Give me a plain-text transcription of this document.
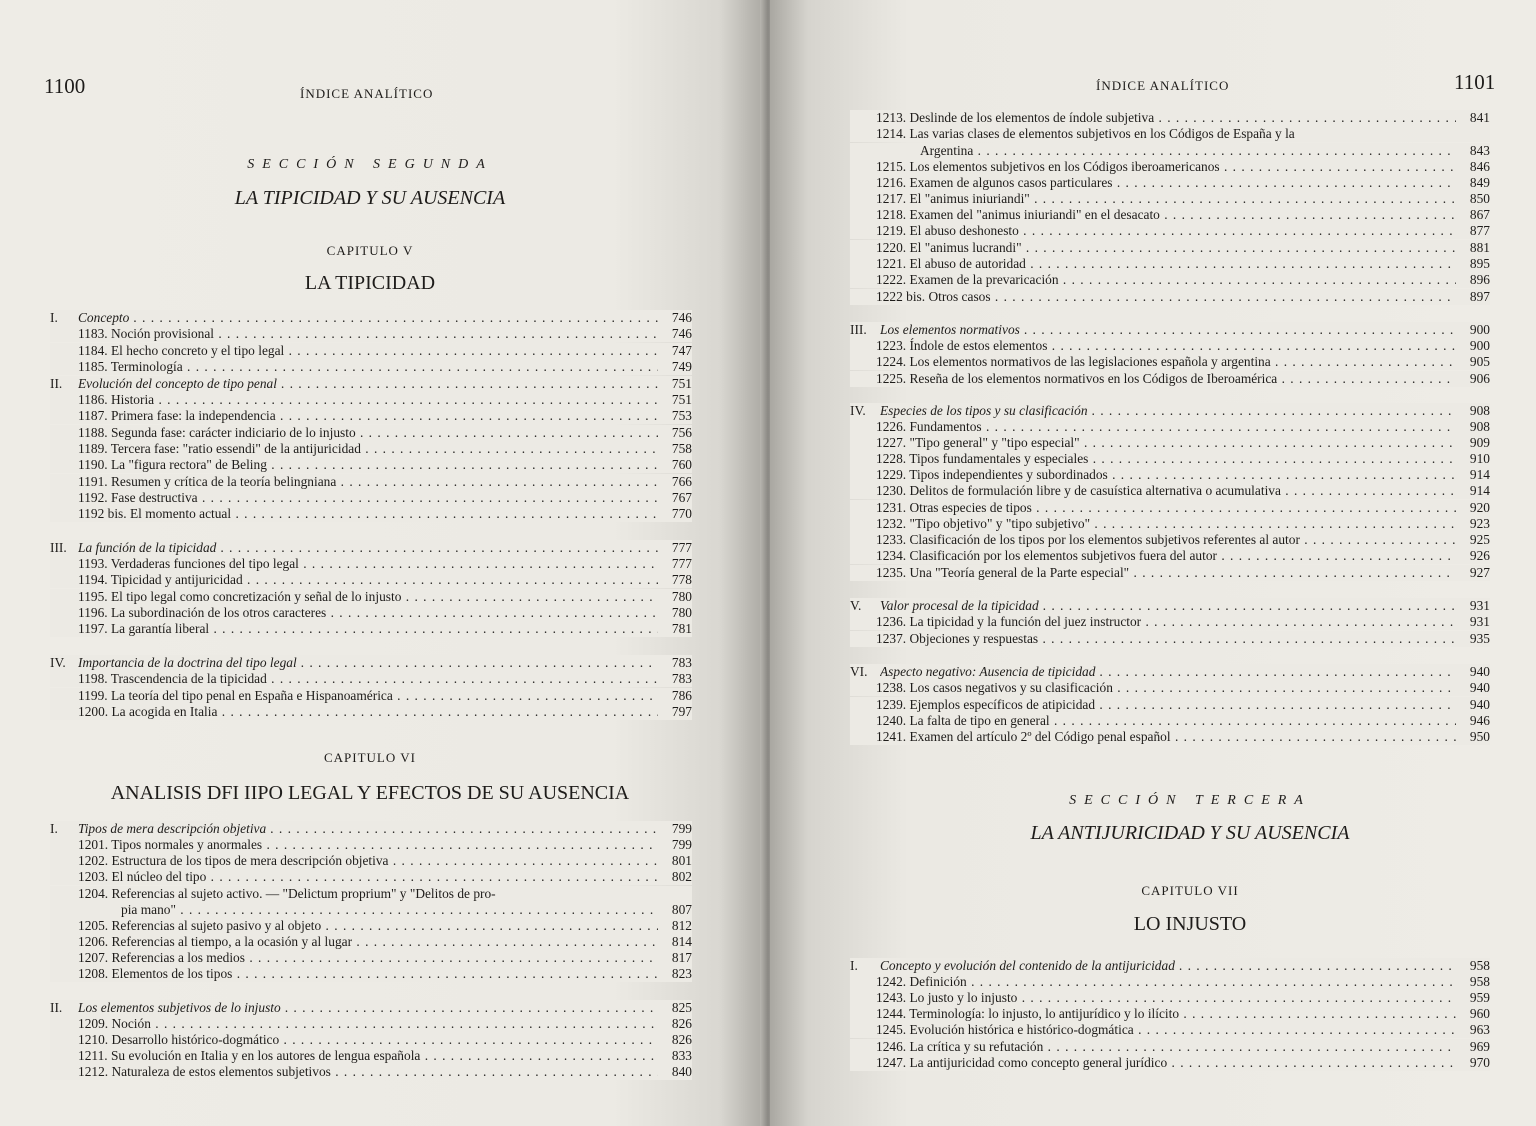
1100	ÍNDICE ANALÍTICO
SECCIÓN SEGUNDA
LA TIPICIDAD Y SU AUSENCIA
CAPITULO V
LA TIPICIDAD
CAPITULO VI
ANALISIS DFI IIPO LEGAL Y EFECTOS DE SU AUSENCIA
I.	Concepto . . .	746
1183. Noción provisional . . .	746
1184. El hecho concreto y el tipo legal . . .	747
1185. Terminología . . .	749
II.	Evolución del concepto de tipo penal . . .	751
1186. Historia . . .	751
1187. Primera fase: la independencia . . .	753
1188. Segunda fase: carácter indiciario de lo injusto . . .	756
1189. Tercera fase: "ratio essendi" de la antijuricidad . . .	758
1190. La "figura rectora" de Beling . . .	760
1191. Resumen y crítica de la teoría belingniana . . .	766
1192. Fase destructiva . . .	767
1192 bis. El momento actual . . .	770
III. La función de la tipicidad . . .	777
1193. Verdaderas funciones del tipo legal . . .	777
1194. Tipicidad y antijuricidad . . .	778
1195. El tipo legal como concretización y señal de lo injusto . . .	780
1196. La subordinación de los otros caracteres . . .	780
1197. La garantía liberal . . .	781
IV. Importancia de la doctrina del tipo legal . . .	783
1198. Trascendencia de la tipicidad . . .	783
1199. La teoría del tipo penal en España e Hispanoamérica . . .	786
1200. La acogida en Italia . . .	797
I.	Tipos de mera descripción objetiva . . .	799
1201. Tipos normales y anormales . . .	799
1202. Estructura de los tipos de mera descripción objetiva . . .	801
1203. El núcleo del tipo . . .	802
1204. Referencias al sujeto activo. — "Delictum proprium" y "Delitos de pro-
pia mano" . . .	807
1205. Referencias al sujeto pasivo y al objeto . . .	812
1206. Referencias al tiempo, a la ocasión y al lugar . . .	814
1207. Referencias a los medios . . .	817
1208. Elementos de los tipos . . .	823
II.	Los elementos subjetivos de lo injusto . . .	825
1209. Noción . . .	826
1210. Desarrollo histórico-dogmático . . .	826
1211. Su evolución en Italia y en los autores de lengua española . . .	833
1212. Naturaleza de estos elementos subjetivos . . .	840
ÍNDICE ANALÍTICO	1101
SECCIÓN TERCERA
LA ANTIJURICIDAD Y SU AUSENCIA
CAPITULO VII
LO INJUSTO
1213. Deslinde de los elementos de índole subjetiva . . .	841
1214. Las varias clases de elementos subjetivos en los Códigos de España y la
Argentina . . .	843
1215. Los elementos subjetivos en los Códigos iberoamericanos . . .	846
1216. Examen de algunos casos particulares . . .	849
1217. El "animus iniuriandi" . . .	850
1218. Examen del "animus iniuriandi" en el desacato . . .	867
1219. El abuso deshonesto . . .	877
1220. El "animus lucrandi" . . .	881
1221. El abuso de autoridad . . .	895
1222. Examen de la prevaricación . . .	896
1222 bis. Otros casos . . .	897
III. Los elementos normativos . . .	900
1223. Índole de estos elementos . . .	900
1224. Los elementos normativos de las legislaciones española y argentina . . .	905
1225. Reseña de los elementos normativos en los Códigos de Iberoamérica . . .	906
IV.	Especies de los tipos y su clasificación . . .	908
1226. Fundamentos . . .	908
1227. "Tipo general" y "tipo especial" . . .	909
1228. Tipos fundamentales y especiales . . .	910
1229. Tipos independientes y subordinados . . .	914
1230. Delitos de formulación libre y de casuística alternativa o acumulativa . . .	914
1231. Otras especies de tipos . . .	920
1232. "Tipo objetivo" y "tipo subjetivo" . . .	923
1233. Clasificación de los tipos por los elementos subjetivos referentes al autor . . .	925
1234. Clasificación por los elementos subjetivos fuera del autor . . .	926
1235. Una "Teoría general de la Parte especial" . . .	927
V.	Valor procesal de la tipicidad . . .	931
1236. La tipicidad y la función del juez instructor . . .	931
1237. Objeciones y respuestas . . .	935
VI. Aspecto negativo: Ausencia de tipicidad . . .	940
1238. Los casos negativos y su clasificación . . .	940
1239. Ejemplos específicos de atipicidad . . .	940
1240. La falta de tipo en general . . .	946
1241. Examen del artículo 2º del Código penal español . . .	950
I.	Concepto y evolución del contenido de la antijuricidad . . .	958
1242. Definición . . .	958
1243. Lo justo y lo injusto . . .	959
1244. Terminología: lo injusto, lo antijurídico y lo ilícito . . .	960
1245. Evolución histórica e histórico-dogmática . . .	963
1246. La crítica y su refutación . . .	969
1247. La antijuricidad como concepto general jurídico . . .	970
